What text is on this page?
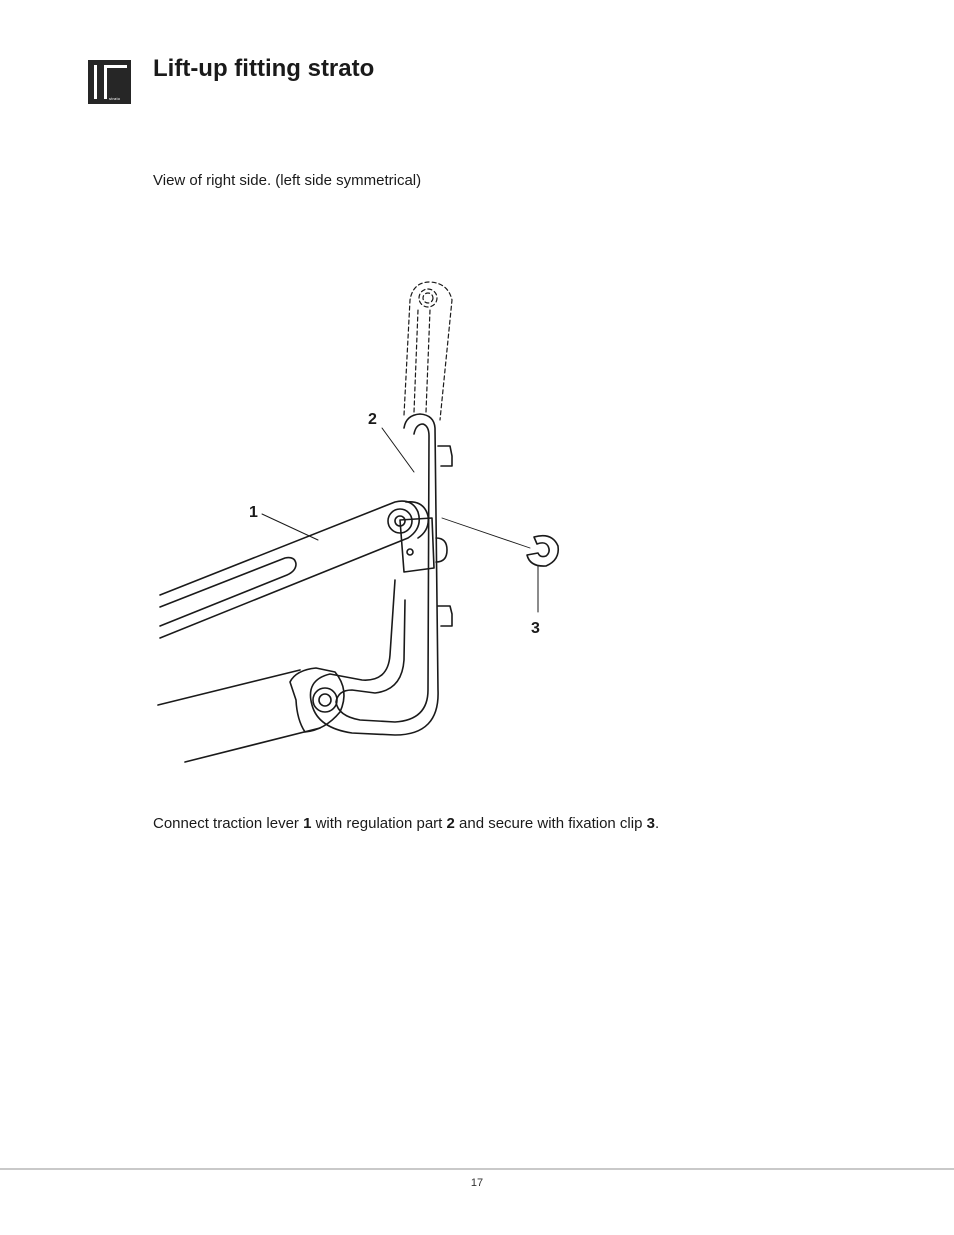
strato
Lift-up fitting strato

View of right side. (left side symmetrical)

1
2
3

Connect traction lever 1 with regulation part 2 and secure with fixation clip 3.

17
